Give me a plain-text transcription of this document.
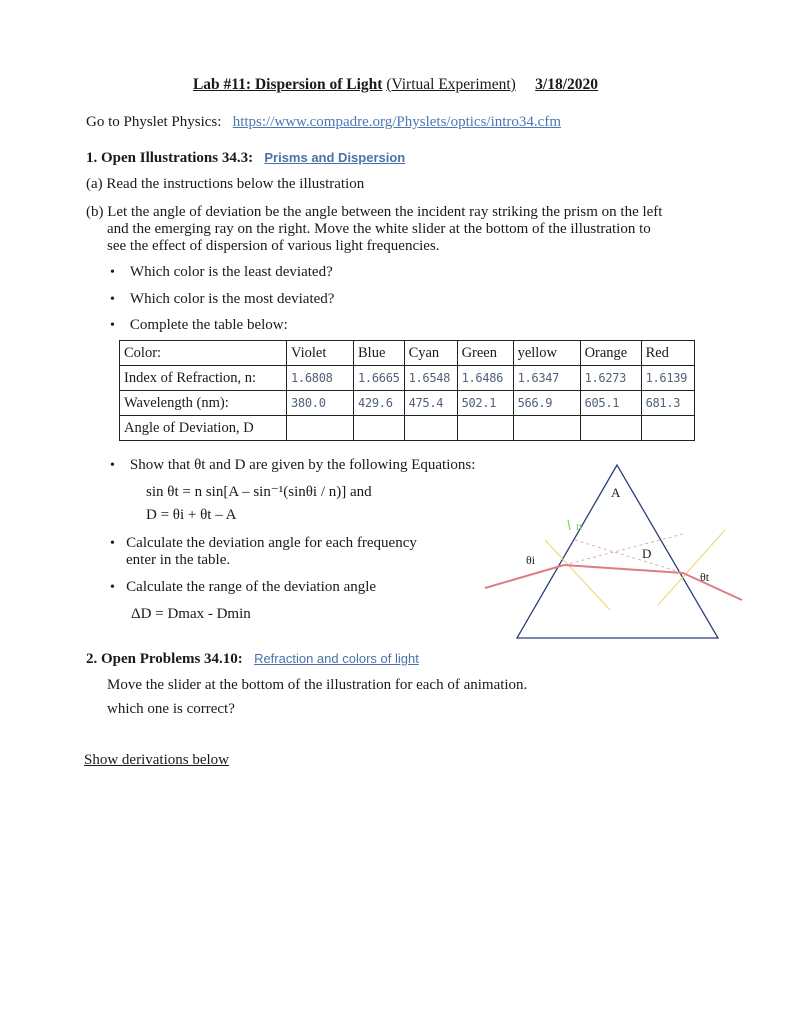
Lab #11: Dispersion of Light (Virtual Experiment) 3/18/2020
Go to Physlet Physics: https://www.compadre.org/Physlets/optics/intro34.cfm
1. Open Illustrations 34.3: Prisms and Dispersion
(a) Read the instructions below the illustration
(b) Let the angle of deviation be the angle between the incident ray striking the prism on the left
and the emerging ray on the right. Move the white slider at the bottom of the illustration to
see the effect of dispersion of various light frequencies.
• Which color is the least deviated?
• Which color is the most deviated?
• Complete the table below:
Color:	Violet	Blue	Cyan	Green	yellow	Orange	Red
Index of Refraction, n:	1.6808	1.6665	1.6548	1.6486	1.6347	1.6273	1.6139
Wavelength (nm):	380.0	429.6	475.4	502.1	566.9	605.1	681.3
Angle of Deviation, D							
• Show that θt and D are given by the following Equations:
sin θt = n sin[A – sin⁻¹(sinθi / n)] and
D = θi + θt – A
• Calculate the deviation angle for each frequency
enter in the table.
• Calculate the range of the deviation angle
ΔD = Dmax - Dmin
A
n
D
θi
θt
2. Open Problems 34.10: Refraction and colors of light
Move the slider at the bottom of the illustration for each of animation.
which one is correct?
Show derivations below
